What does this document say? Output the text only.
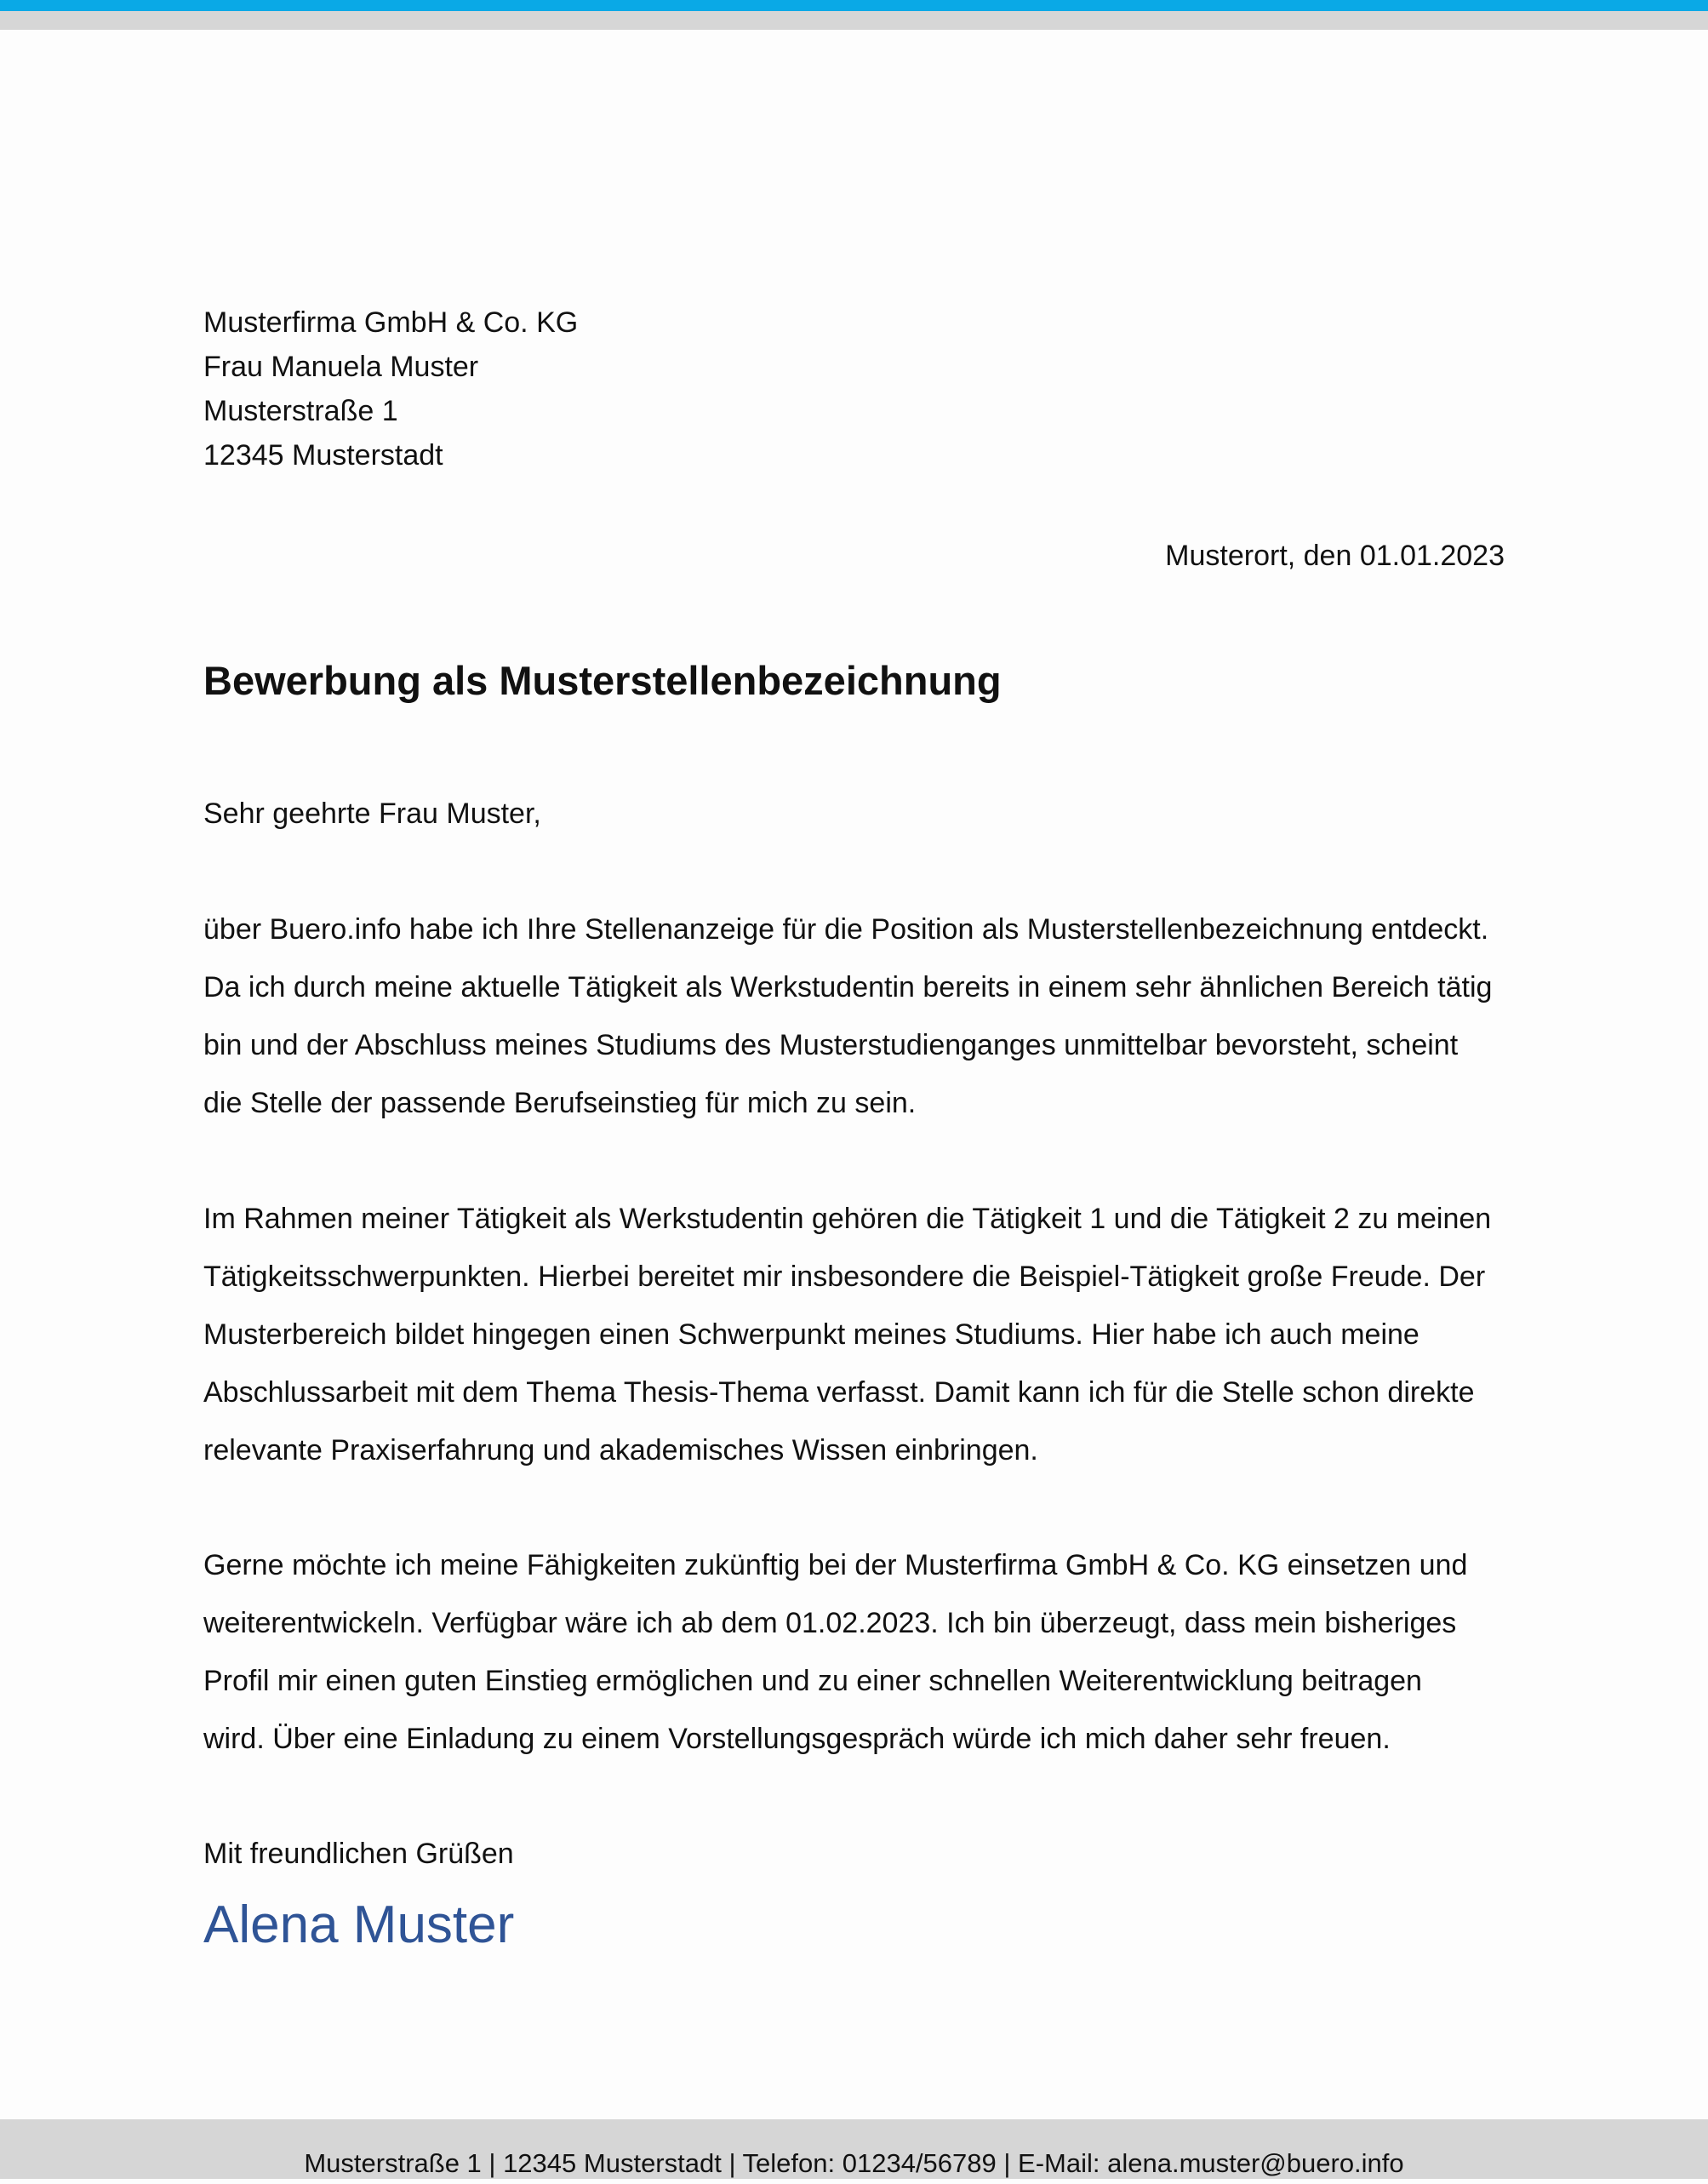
Musterfirma GmbH & Co. KG
Frau Manuela Muster
Musterstraße 1
12345 Musterstadt
Musterort, den 01.01.2023
Bewerbung als Musterstellenbezeichnung
Sehr geehrte Frau Muster,
über Buero.info habe ich Ihre Stellenanzeige für die Position als Musterstellenbezeichnung entdeckt.
Da ich durch meine aktuelle Tätigkeit als Werkstudentin bereits in einem sehr ähnlichen Bereich tätig
bin und der Abschluss meines Studiums des Musterstudienganges unmittelbar bevorsteht, scheint
die Stelle der passende Berufseinstieg für mich zu sein.
Im Rahmen meiner Tätigkeit als Werkstudentin gehören die Tätigkeit 1 und die Tätigkeit 2 zu meinen
Tätigkeitsschwerpunkten. Hierbei bereitet mir insbesondere die Beispiel-Tätigkeit große Freude. Der
Musterbereich bildet hingegen einen Schwerpunkt meines Studiums. Hier habe ich auch meine
Abschlussarbeit mit dem Thema Thesis-Thema verfasst. Damit kann ich für die Stelle schon direkte
relevante Praxiserfahrung und akademisches Wissen einbringen.
Gerne möchte ich meine Fähigkeiten zukünftig bei der Musterfirma GmbH & Co. KG einsetzen und
weiterentwickeln. Verfügbar wäre ich ab dem 01.02.2023. Ich bin überzeugt, dass mein bisheriges
Profil mir einen guten Einstieg ermöglichen und zu einer schnellen Weiterentwicklung beitragen
wird. Über eine Einladung zu einem Vorstellungsgespräch würde ich mich daher sehr freuen.
Mit freundlichen Grüßen
Alena Muster
Musterstraße 1 | 12345 Musterstadt | Telefon: 01234/56789 | E-Mail: alena.muster@buero.info
